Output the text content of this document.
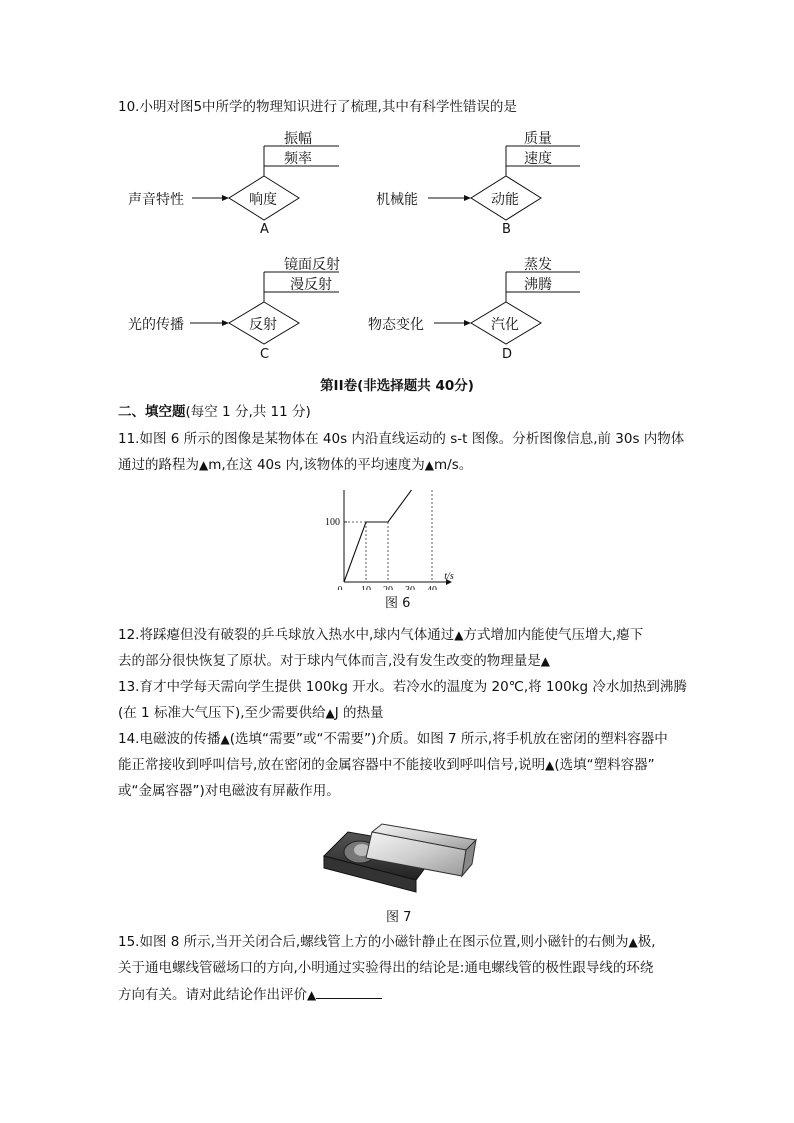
10.小明对图5中所学的物理知识进行了梳理,其中有科学性错误的是
振幅
频率
声音特性	响度
A
质量
速度
机械能	动能
B
镜面反射
漫反射
光的传播	反射
C
蒸发
沸腾
物态变化	汽化
D
第II卷(非选择题共 40分)
二、填空题(每空 1 分,共 11 分)
11.如图 6 所示的图像是某物体在 40s 内沿直线运动的 s-t 图像。分析图像信息,前 30s 内物体
通过的路程为▲m,在这 40s 内,该物体的平均速度为▲m/s。
t/s
100
图 6
12.将踩瘪但没有破裂的乒乓球放入热水中,球内气体通过▲方式增加内能使气压增大,瘪下
去的部分很快恢复了原状。对于球内气体而言,没有发生改变的物理量是▲
13.育才中学每天需向学生提供 100kg 开水。若冷水的温度为 20℃,将 100kg 冷水加热到沸腾
(在 1 标准大气压下),至少需要供给▲J 的热量
14.电磁波的传播▲(选填“需要”或“不需要”)介质。如图 7 所示,将手机放在密闭的塑料容器中
能正常接收到呼叫信号,放在密闭的金属容器中不能接收到呼叫信号,说明▲(选填“塑料容器”
或“金属容器”)对电磁波有屏蔽作用。
图 7
15.如图 8 所示,当开关闭合后,螺线管上方的小磁针静止在图示位置,则小磁针的右侧为▲极,
关于通电螺线管磁场口的方向,小明通过实验得出的结论是:通电螺线管的极性跟导线的环绕
方向有关。请对此结论作出评价▲
